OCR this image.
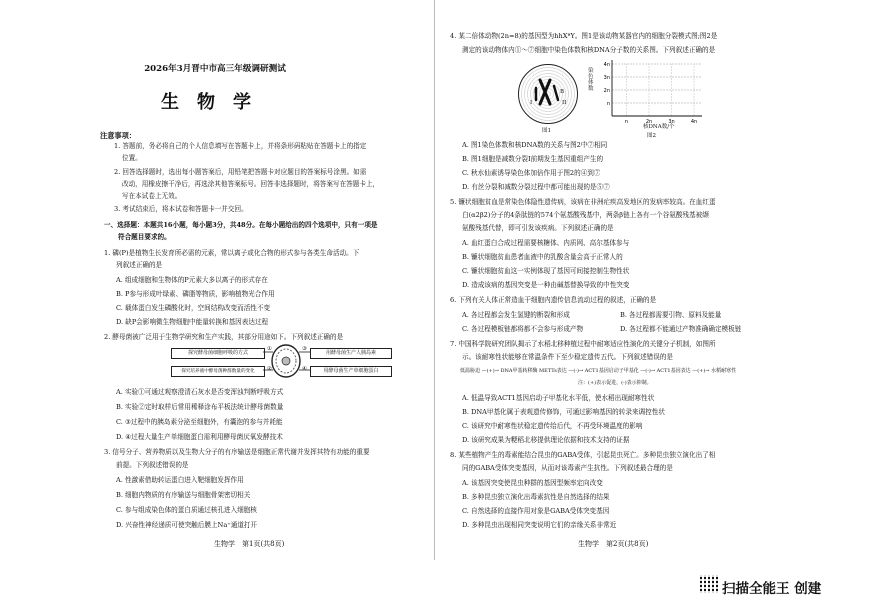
2026年3月晋中市高三年级调研测试
生物学
注意事项：
1. 答题前，务必将自己的个人信息填写在答题卡上，并将条形码粘贴在答题卡上的指定
位置。
2. 回答选择题时，选出每小题答案后，用铅笔把答题卡对应题目的答案标号涂黑。如需
改动，用橡皮擦干净后，再选涂其他答案标号。回答非选择题时，将答案写在答题卡上，
写在本试卷上无效。
3. 考试结束后，将本试卷和答题卡一并交回。
一、选择题：本题共16小题，每小题3分，共48分。在每小题给出的四个选项中，只有一项是
符合题目要求的。
1. 磷(P)是植物生长发育所必需的元素，常以离子或化合物的形式参与各类生命活动。下
列叙述正确的是
A. 组成细胞和生物体的P元素大多以离子的形式存在
B. P参与形成叶绿素、磷脂等物质，影响植物光合作用
C. 载体蛋白发生磷酸化时，空间结构改变而活性不变
D. 缺P会影响微生物细胞中能量转换和基因表达过程
2. 酵母菌被广泛用于生物学研究和生产实践，其部分用途如下。下列叙述正确的是
探究酵母菌细胞呼吸的方式
探究培养液中酵母菌种群数量的变化
用酵母菌生产人胰岛素
用酵母菌生产单细胞蛋白
①
②
③
④
A. 实验①可通过观察澄清石灰水是否变浑浊判断呼吸方式
B. 实验②定时取样后常用稀释涂布平板法统计酵母菌数量
C. ③过程中的胰岛素分泌至细胞外，有囊泡的参与并耗能
D. ④过程大量生产单细胞蛋白需利用酵母菌厌氧发酵技术
3. 信号分子、营养物质以及生物大分子的有序输送是细胞正常代谢并发挥其特有功能的重要
前提。下列叙述错误的是
A. 性激素借助转运蛋白进入靶细胞发挥作用
B. 细胞内物质的有序输送与细胞骨架密切相关
C. 参与组成染色体的蛋白质通过核孔进入细胞核
D. 兴奋性神经递质可使突触后膜上Na⁺通道打开
生物学　第1页(共8页)
4. 某二倍体动物(2n=8)的基因型为hhXᴮY。图1是该动物某器官内的细胞分裂模式图;图2是
测定的该动物体内①～⑦细胞中染色体数和核DNA分子数的关系图。下列叙述正确的是
h	B
I	II
图1
4n
3n
2n
n
n	2n	3n	4n
染色体数
核DNA数/个
图2
A. 图1染色体数和核DNA数的关系与图2中⑦相同
B. 图1细胞是减数分裂Ⅰ前期发生基因重组产生的
C. 秋水仙素诱导染色体加倍作用于图2的④到⑦
D. 有丝分裂和减数分裂过程中都可能出现的是⑤⑦
5. 镰状细胞贫血是常染色体隐性遗传病，该病在非洲疟疾高发地区的发病率较高。在血红蛋
白(α2β2)分子的4条肽链的574个氨基酸残基中，两条β链上各有一个谷氨酸残基被缬
氨酸残基代替，即可引发该疾病。下列叙述正确的是
A. 血红蛋白合成过程需要核糖体、内质网、高尔基体参与
B. 镰状细胞贫血患者血液中的乳酸含量会高于正常人的
C. 镰状细胞贫血这一实例体现了基因可间接控制生物性状
D. 造成该病的基因突变是一种由碱基替换导致的中性突变
6. 下列有关人体正常造血干细胞内遗传信息流动过程的叙述，正确的是
A. 各过程都会发生氢键的断裂和形成	B. 各过程都需要引物、原料及能量
C. 各过程模板链都将都不会参与形成产物	D. 各过程都不能通过产物准确确定模板链
7. 中国科学院研究团队揭示了水稻北移种植过程中耐寒适应性演化的关键分子机制，如图所
示。该耐寒性状能够在常温条件下至少稳定遗传五代。下列叙述错误的是
低温胁迫 —(+)→ DNA甲基转移酶 METTs表达 —(-)→ ACT1基因启动子甲基化 —(-)→ ACT1基因表达 —(+)→ 水稻耐寒性
注：(+)表示促进，(-)表示抑制。
A. 低温导致ACT1基因启动子甲基化水平低，使水稻出现耐寒性状
B. DNA甲基化属于表观遗传修饰，可通过影响基因的转录来调控性状
C. 该研究中耐寒性状稳定遗传给后代，不再受环境温度的影响
D. 该研究成果为粳稻北移提供理论依据和技术支持的证据
8. 某些植物产生的毒素能结合昆虫的GABA受体，引起昆虫死亡。多种昆虫独立演化出了相
同的GABA受体突变基因，从而对该毒素产生抗性。下列叙述最合理的是
A. 该基因突变使昆虫种群的基因型频率定向改变
B. 多种昆虫独立演化出毒素抗性是自然选择的结果
C. 自然选择的直接作用对象是GABA受体突变基因
D. 多种昆虫出现相同突变说明它们的亲缘关系非常近
生物学　第2页(共8页)
扫描全能王 创建
